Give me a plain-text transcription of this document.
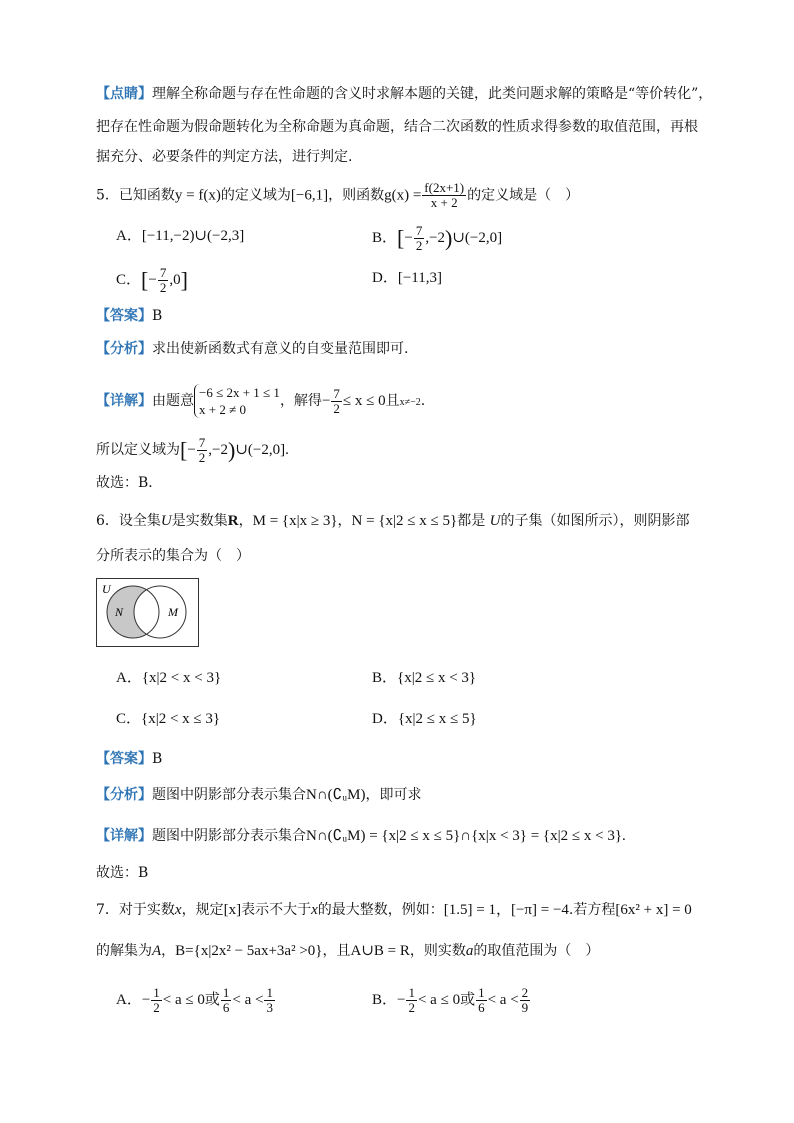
【点睛】理解全称命题与存在性命题的含义时求解本题的关键，此类问题求解的策略是“等价转化”，
把存在性命题为假命题转化为全称命题为真命题，结合二次函数的性质求得参数的取值范围，再根
据充分、必要条件的判定方法，进行判定.
5．已知函数y = f(x)的定义域为[−6,1]，则函数$g(x) = \frac{f(2x+1)}{x + 2}$ 的定义域是（　）
A．[−11,−2)∪(−2,3]	B．[− $\frac{7}{2}$ ,−2)∪(−2,0]
C．[− $\frac{7}{2} ,0$]	D．[−11,3]
【答案】B
【分析】求出使新函数式有意义的自变量范围即可.
【详解】由题意
−6 ≤ 2x + 1 ≤ 1
x + 2 ≠ 0
，解得− $\frac{7}{2} \le x \le 0$且x≠−2.
所以定义域为[− $\frac{7}{2}$ ,−2)∪(−2,0].
故选：B．
6．设全集U是实数集R，M = {x|x ≥ 3}，N = {x|2 ≤ x ≤ 5}都是 U的子集（如图所示），则阴影部
分所表示的集合为（　）
U
N	M
A．{x|2 < x < 3}	B．{x|2 ≤ x < 3}
C．{x|2 < x ≤ 3}	D．{x|2 ≤ x ≤ 5}
【答案】B
【分析】题图中阴影部分表示集合N∩(∁ᵤM)，即可求
【详解】题图中阴影部分表示集合N∩(∁ᵤM) = {x|2 ≤ x ≤ 5}∩{x|x < 3} = {x|2 ≤ x < 3}.
故选：B
7．对于实数x，规定[x]表示不大于x的最大整数，例如：[1.5] = 1，[−π] = −4.若方程[6x² + x] = 0
的解集为A，B={x|2x² − 5ax+3a² >0}，且A∪B = R，则实数a的取值范围为（　）
A．− $\frac{1}{2} < a \le 0$或 $\frac{1}{6} < a < \frac{1}{3}$	B．− $\frac{1}{2} < a \le 0$或 $\frac{1}{6} < a < \frac{2}{9}$
